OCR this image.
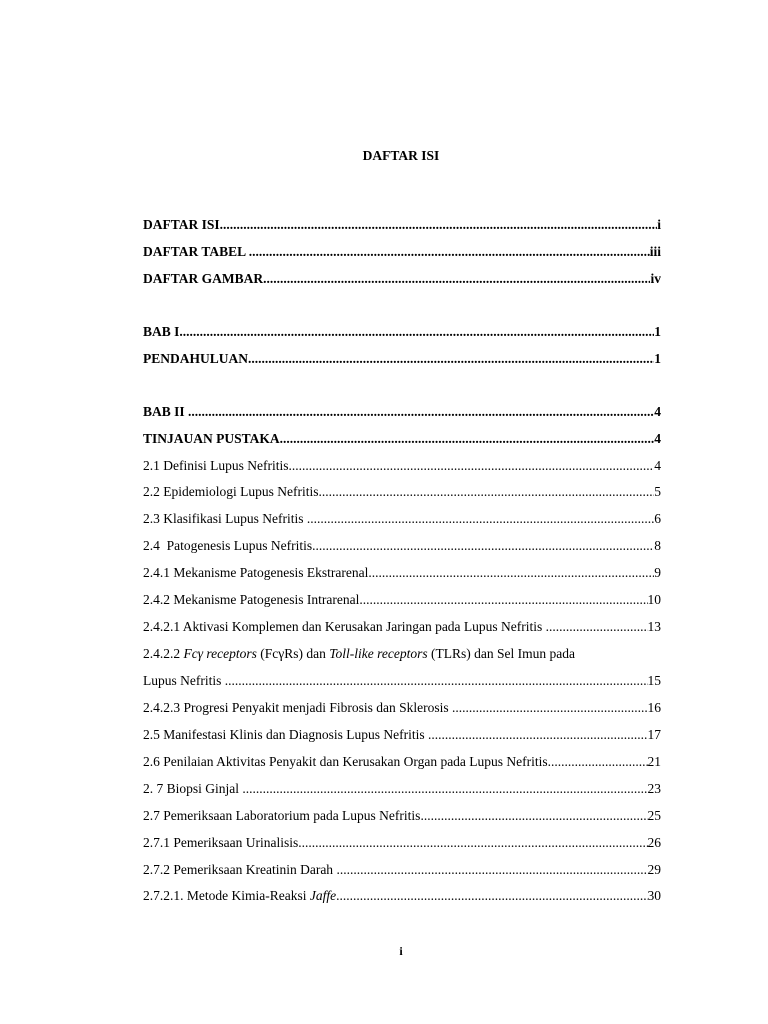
DAFTAR ISI
DAFTAR ISI .....	i
DAFTAR TABEL .....	iii
DAFTAR GAMBAR .....	iv
BAB I .....	1
PENDAHULUAN .....	1
BAB II .....	4
TINJAUAN PUSTAKA .....	4
2.1 Definisi Lupus Nefritis .....	4
2.2 Epidemiologi Lupus Nefritis .....	5
2.3 Klasifikasi Lupus Nefritis .....	6
2.4  Patogenesis Lupus Nefritis .....	8
2.4.1 Mekanisme Patogenesis Ekstrarenal .....	9
2.4.2 Mekanisme Patogenesis Intrarenal .....	10
2.4.2.1 Aktivasi Komplemen dan Kerusakan Jaringan pada Lupus Nefritis .....	13
2.4.2.2 Fcγ receptors (FcγRs) dan Toll-like receptors (TLRs) dan Sel Imun pada
Lupus Nefritis .....	15
2.4.2.3 Progresi Penyakit menjadi Fibrosis dan Sklerosis .....	16
2.5 Manifestasi Klinis dan Diagnosis Lupus Nefritis .....	17
2.6 Penilaian Aktivitas Penyakit dan Kerusakan Organ pada Lupus Nefritis .....	21
2. 7 Biopsi Ginjal .....	23
2.7 Pemeriksaan Laboratorium pada Lupus Nefritis .....	25
2.7.1 Pemeriksaan Urinalisis .....	26
2.7.2 Pemeriksaan Kreatinin Darah .....	29
2.7.2.1. Metode Kimia-Reaksi Jaffe .....	30
i
